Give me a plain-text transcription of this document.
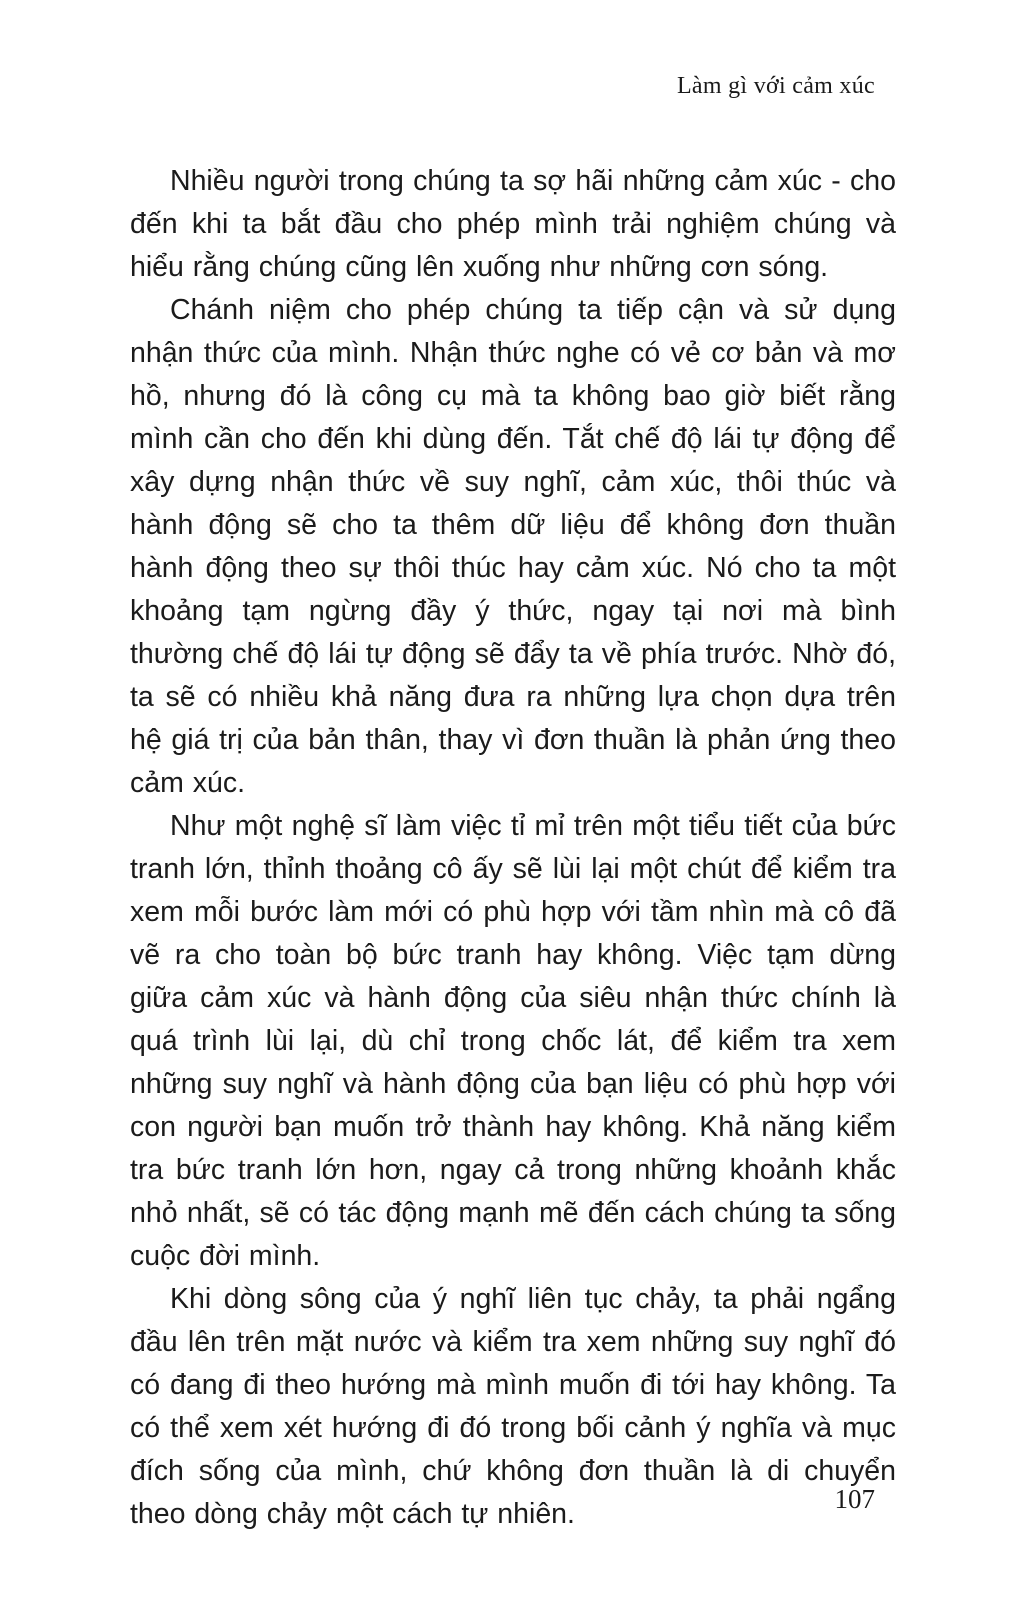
Làm gì với cảm xúc

Nhiều người trong chúng ta sợ hãi những cảm xúc - cho đến khi ta bắt đầu cho phép mình trải nghiệm chúng và hiểu rằng chúng cũng lên xuống như những cơn sóng.

Chánh niệm cho phép chúng ta tiếp cận và sử dụng nhận thức của mình. Nhận thức nghe có vẻ cơ bản và mơ hồ, nhưng đó là công cụ mà ta không bao giờ biết rằng mình cần cho đến khi dùng đến. Tắt chế độ lái tự động để xây dựng nhận thức về suy nghĩ, cảm xúc, thôi thúc và hành động sẽ cho ta thêm dữ liệu để không đơn thuần hành động theo sự thôi thúc hay cảm xúc. Nó cho ta một khoảng tạm ngừng đầy ý thức, ngay tại nơi mà bình thường chế độ lái tự động sẽ đẩy ta về phía trước. Nhờ đó, ta sẽ có nhiều khả năng đưa ra những lựa chọn dựa trên hệ giá trị của bản thân, thay vì đơn thuần là phản ứng theo cảm xúc.

Như một nghệ sĩ làm việc tỉ mỉ trên một tiểu tiết của bức tranh lớn, thỉnh thoảng cô ấy sẽ lùi lại một chút để kiểm tra xem mỗi bước làm mới có phù hợp với tầm nhìn mà cô đã vẽ ra cho toàn bộ bức tranh hay không. Việc tạm dừng giữa cảm xúc và hành động của siêu nhận thức chính là quá trình lùi lại, dù chỉ trong chốc lát, để kiểm tra xem những suy nghĩ và hành động của bạn liệu có phù hợp với con người bạn muốn trở thành hay không. Khả năng kiểm tra bức tranh lớn hơn, ngay cả trong những khoảnh khắc nhỏ nhất, sẽ có tác động mạnh mẽ đến cách chúng ta sống cuộc đời mình.

Khi dòng sông của ý nghĩ liên tục chảy, ta phải ngẩng đầu lên trên mặt nước và kiểm tra xem những suy nghĩ đó có đang đi theo hướng mà mình muốn đi tới hay không. Ta có thể xem xét hướng đi đó trong bối cảnh ý nghĩa và mục đích sống của mình, chứ không đơn thuần là di chuyển theo dòng chảy một cách tự nhiên.	107
